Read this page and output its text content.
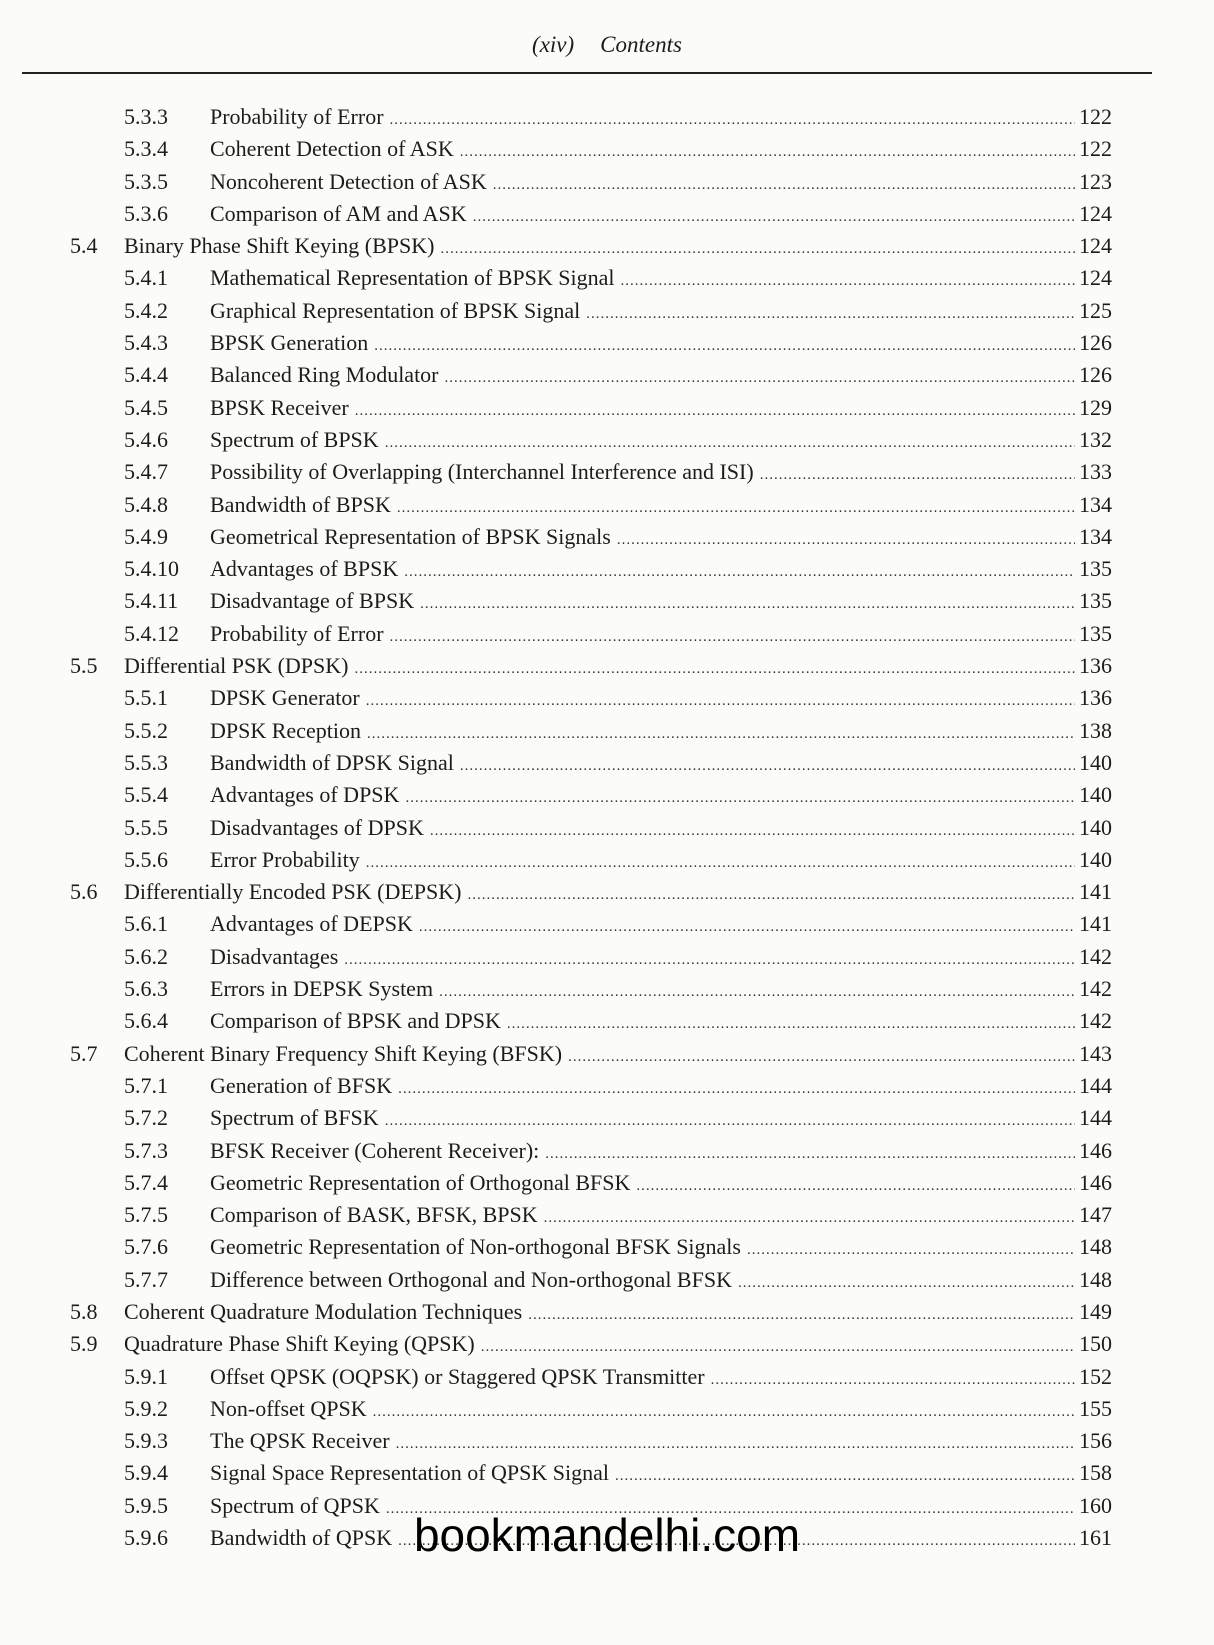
(xiv) Contents
5.3.3 Probability of Error .....	122
5.3.4 Coherent Detection of ASK .....	122
5.3.5 Noncoherent Detection of ASK .....	123
5.3.6 Comparison of AM and ASK .....	124
5.4 Binary Phase Shift Keying (BPSK) .....	124
5.4.1 Mathematical Representation of BPSK Signal .....	124
5.4.2 Graphical Representation of BPSK Signal .....	125
5.4.3 BPSK Generation .....	126
5.4.4 Balanced Ring Modulator .....	126
5.4.5 BPSK Receiver .....	129
5.4.6 Spectrum of BPSK .....	132
5.4.7 Possibility of Overlapping (Interchannel Interference and ISI) .....	133
5.4.8 Bandwidth of BPSK .....	134
5.4.9 Geometrical Representation of BPSK Signals .....	134
5.4.10 Advantages of BPSK .....	135
5.4.11 Disadvantage of BPSK .....	135
5.4.12 Probability of Error .....	135
5.5 Differential PSK (DPSK) .....	136
5.5.1 DPSK Generator .....	136
5.5.2 DPSK Reception .....	138
5.5.3 Bandwidth of DPSK Signal .....	140
5.5.4 Advantages of DPSK .....	140
5.5.5 Disadvantages of DPSK .....	140
5.5.6 Error Probability .....	140
5.6 Differentially Encoded PSK (DEPSK) .....	141
5.6.1 Advantages of DEPSK .....	141
5.6.2 Disadvantages .....	142
5.6.3 Errors in DEPSK System .....	142
5.6.4 Comparison of BPSK and DPSK .....	142
5.7 Coherent Binary Frequency Shift Keying (BFSK) .....	143
5.7.1 Generation of BFSK .....	144
5.7.2 Spectrum of BFSK .....	144
5.7.3 BFSK Receiver (Coherent Receiver): .....	146
5.7.4 Geometric Representation of Orthogonal BFSK .....	146
5.7.5 Comparison of BASK, BFSK, BPSK .....	147
5.7.6 Geometric Representation of Non-orthogonal BFSK Signals .....	148
5.7.7 Difference between Orthogonal and Non-orthogonal BFSK .....	148
5.8 Coherent Quadrature Modulation Techniques .....	149
5.9 Quadrature Phase Shift Keying (QPSK) .....	150
5.9.1 Offset QPSK (OQPSK) or Staggered QPSK Transmitter .....	152
5.9.2 Non-offset QPSK .....	155
5.9.3 The QPSK Receiver .....	156
5.9.4 Signal Space Representation of QPSK Signal .....	158
5.9.5 Spectrum of QPSK .....	160
5.9.6 Bandwidth of QPSK .....	161
bookmandelhi.com
